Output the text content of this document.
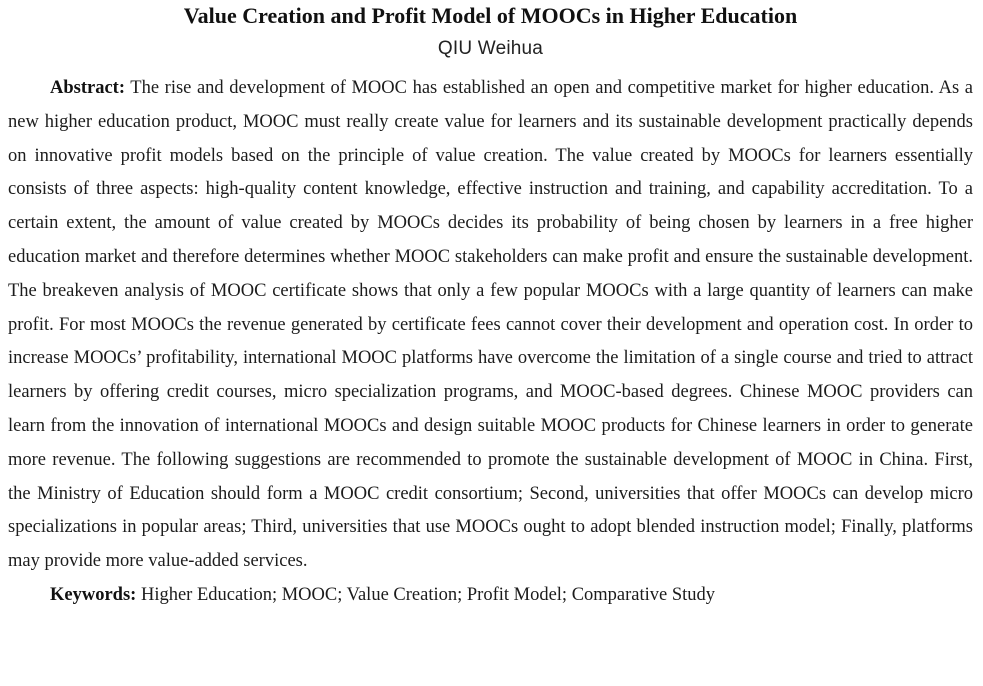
Value Creation and Profit Model of MOOCs in Higher Education
QIU Weihua

Abstract: The rise and development of MOOC has established an open and competitive market for higher education. As a new higher education product, MOOC must really create value for learners and its sustainable development practically depends on innovative profit models based on the principle of value creation. The value created by MOOCs for learners essentially consists of three aspects: high-quality content knowledge, effective instruction and training, and capability accreditation. To a certain extent, the amount of value created by MOOCs decides its probability of being chosen by learners in a free higher education market and therefore determines whether MOOC stakeholders can make profit and ensure the sustainable development. The breakeven analysis of MOOC certificate shows that only a few popular MOOCs with a large quantity of learners can make profit. For most MOOCs the revenue generated by certificate fees cannot cover their development and operation cost. In order to increase MOOCs’ profitability, international MOOC platforms have overcome the limitation of a single course and tried to attract learners by offering credit courses, micro specialization programs, and MOOC-based degrees. Chinese MOOC providers can learn from the innovation of international MOOCs and design suitable MOOC products for Chinese learners in order to generate more revenue. The following suggestions are recommended to promote the sustainable development of MOOC in China. First, the Ministry of Education should form a MOOC credit consortium; Second, universities that offer MOOCs can develop micro specializations in popular areas; Third, universities that use MOOCs ought to adopt blended instruction model; Finally, platforms may provide more value-added services.

Keywords: Higher Education; MOOC; Value Creation; Profit Model; Comparative Study
